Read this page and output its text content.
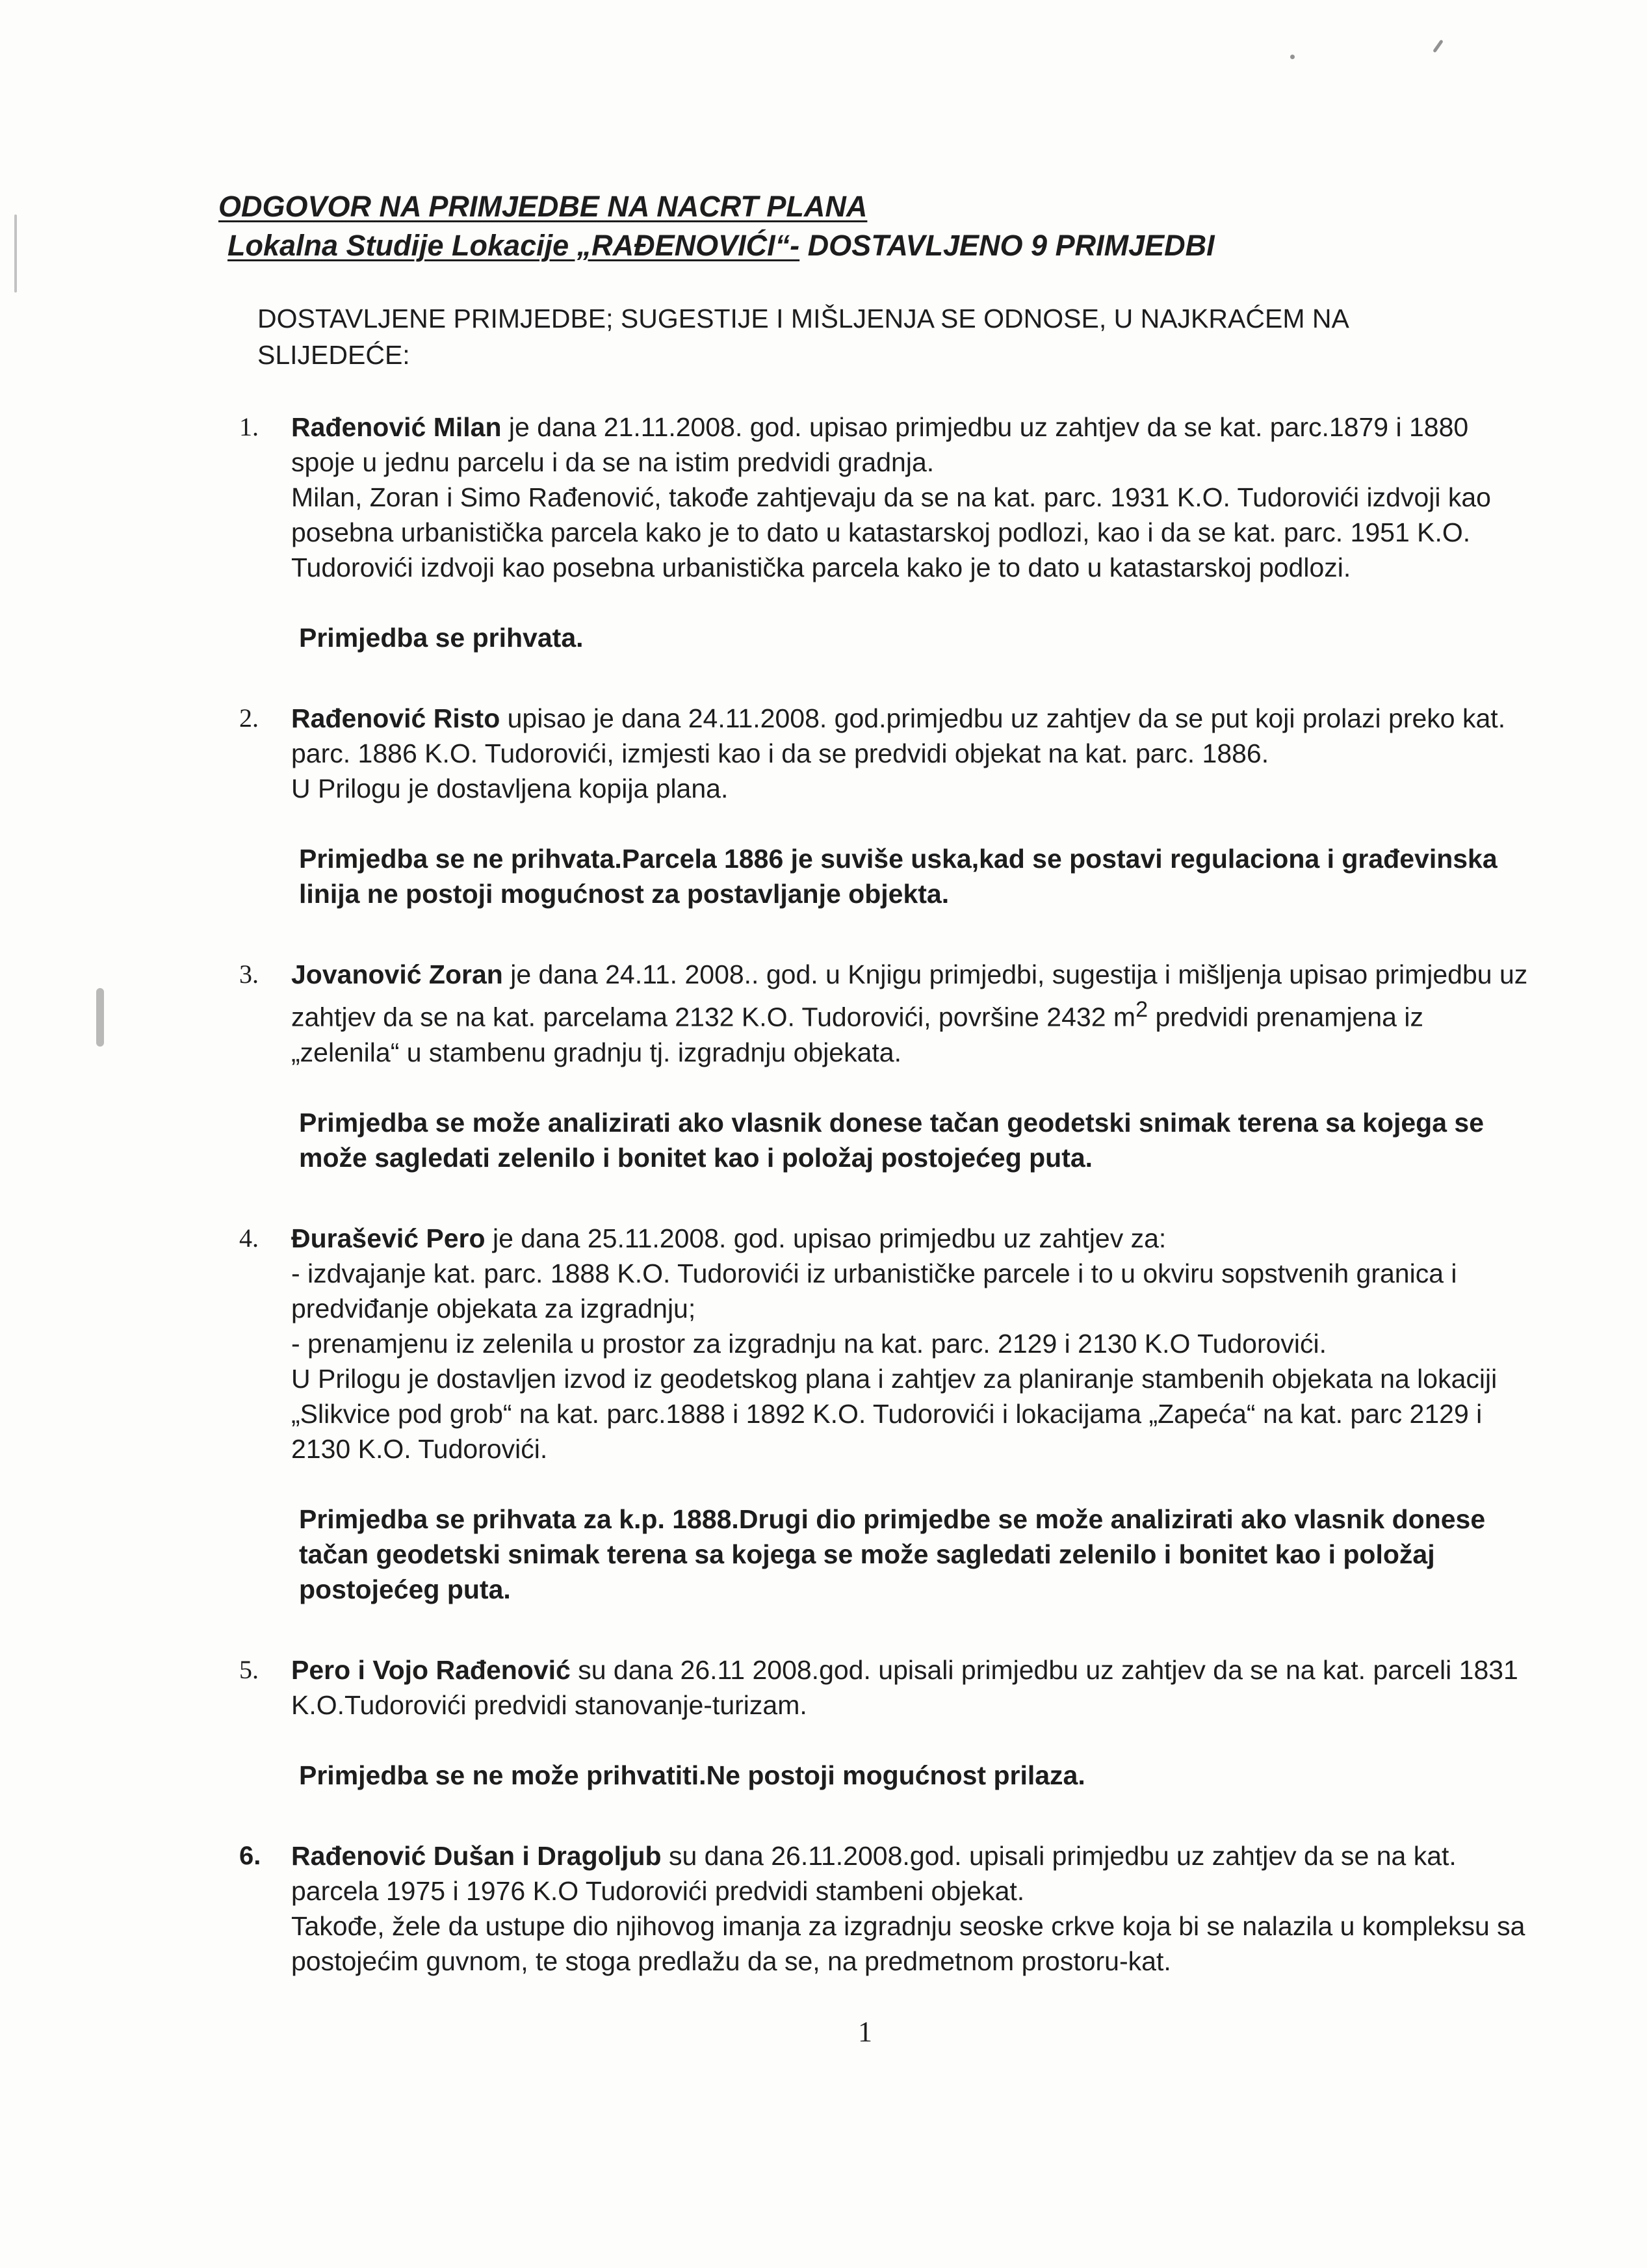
ODGOVOR NA PRIMJEDBE NA NACRT PLANA
Lokalna Studije Lokacije „RAĐENOVIĆI“- DOSTAVLJENO 9 PRIMJEDBI
DOSTAVLJENE PRIMJEDBE; SUGESTIJE I MIŠLJENJA SE ODNOSE, U NAJKRAĆEM NA SLIJEDEĆE:
1. Rađenović Milan je dana 21.11.2008. god. upisao primjedbu uz zahtjev da se kat. parc.1879 i 1880 spoje u jednu parcelu i da se na istim predvidi gradnja.

Milan, Zoran i Simo Rađenović, takođe zahtjevaju da se na kat. parc. 1931 K.O. Tudorovići izdvoji kao posebna urbanistička parcela kako je to dato u katastarskoj podlozi, kao i da se kat. parc. 1951 K.O. Tudorovići izdvoji kao posebna urbanistička parcela kako je to dato u katastarskoj podlozi.

Primjedba se prihvata.

2. Rađenović Risto upisao je dana 24.11.2008. god.primjedbu uz zahtjev da se put koji prolazi preko kat. parc. 1886 K.O. Tudorovići, izmjesti kao i da se predvidi objekat na kat. parc. 1886.

U Prilogu je dostavljena kopija plana.

Primjedba se ne prihvata.Parcela 1886 je suviše uska,kad se postavi regulaciona i građevinska linija ne postoji mogućnost za postavljanje objekta.

3. Jovanović Zoran je dana 24.11. 2008.. god. u Knjigu primjedbi, sugestija i mišljenja upisao primjedbu uz zahtjev da se na kat. parcelama 2132 K.O. Tudorovići, površine 2432 $m^2$ predvidi prenamjena iz „zelenila“ u stambenu gradnju tj. izgradnju objekata.

Primjedba se može analizirati ako vlasnik donese tačan geodetski snimak terena sa kojega se može sagledati zelenilo i bonitet kao i položaj postojećeg puta.

4. Đurašević Pero je dana 25.11.2008. god. upisao primjedbu uz zahtjev za:

- izdvajanje kat. parc. 1888 K.O. Tudorovići iz urbanističke parcele i to u okviru sopstvenih granica i predviđanje objekata za izgradnju;

- prenamjenu iz zelenila u prostor za izgradnju na kat. parc. 2129 i 2130 K.O Tudorovići.

U Prilogu je dostavljen izvod iz geodetskog plana i zahtjev za planiranje stambenih objekata na lokaciji „Slikvice pod grob“ na kat. parc.1888 i 1892 K.O. Tudorovići i lokacijama „Zapeća“ na kat. parc 2129 i 2130 K.O. Tudorovići.

Primjedba se prihvata za k.p. 1888.Drugi dio primjedbe se može analizirati ako vlasnik donese tačan geodetski snimak terena sa kojega se može sagledati zelenilo i bonitet kao i položaj postojećeg puta.

5. Pero i Vojo Rađenović su dana 26.11 2008.god. upisali primjedbu uz zahtjev da se na kat. parceli 1831 K.O.Tudorovići predvidi stanovanje-turizam.

Primjedba se ne može prihvatiti.Ne postoji mogućnost prilaza.

6. Rađenović Dušan i Dragoljub su dana 26.11.2008.god. upisali primjedbu uz zahtjev da se na kat. parcela 1975 i 1976 K.O Tudorovići predvidi stambeni objekat.

Takođe, žele da ustupe dio njihovog imanja za izgradnju seoske crkve koja bi se nalazila u kompleksu sa postojećim guvnom, te stoga predlažu da se, na predmetnom prostoru-kat.

1
